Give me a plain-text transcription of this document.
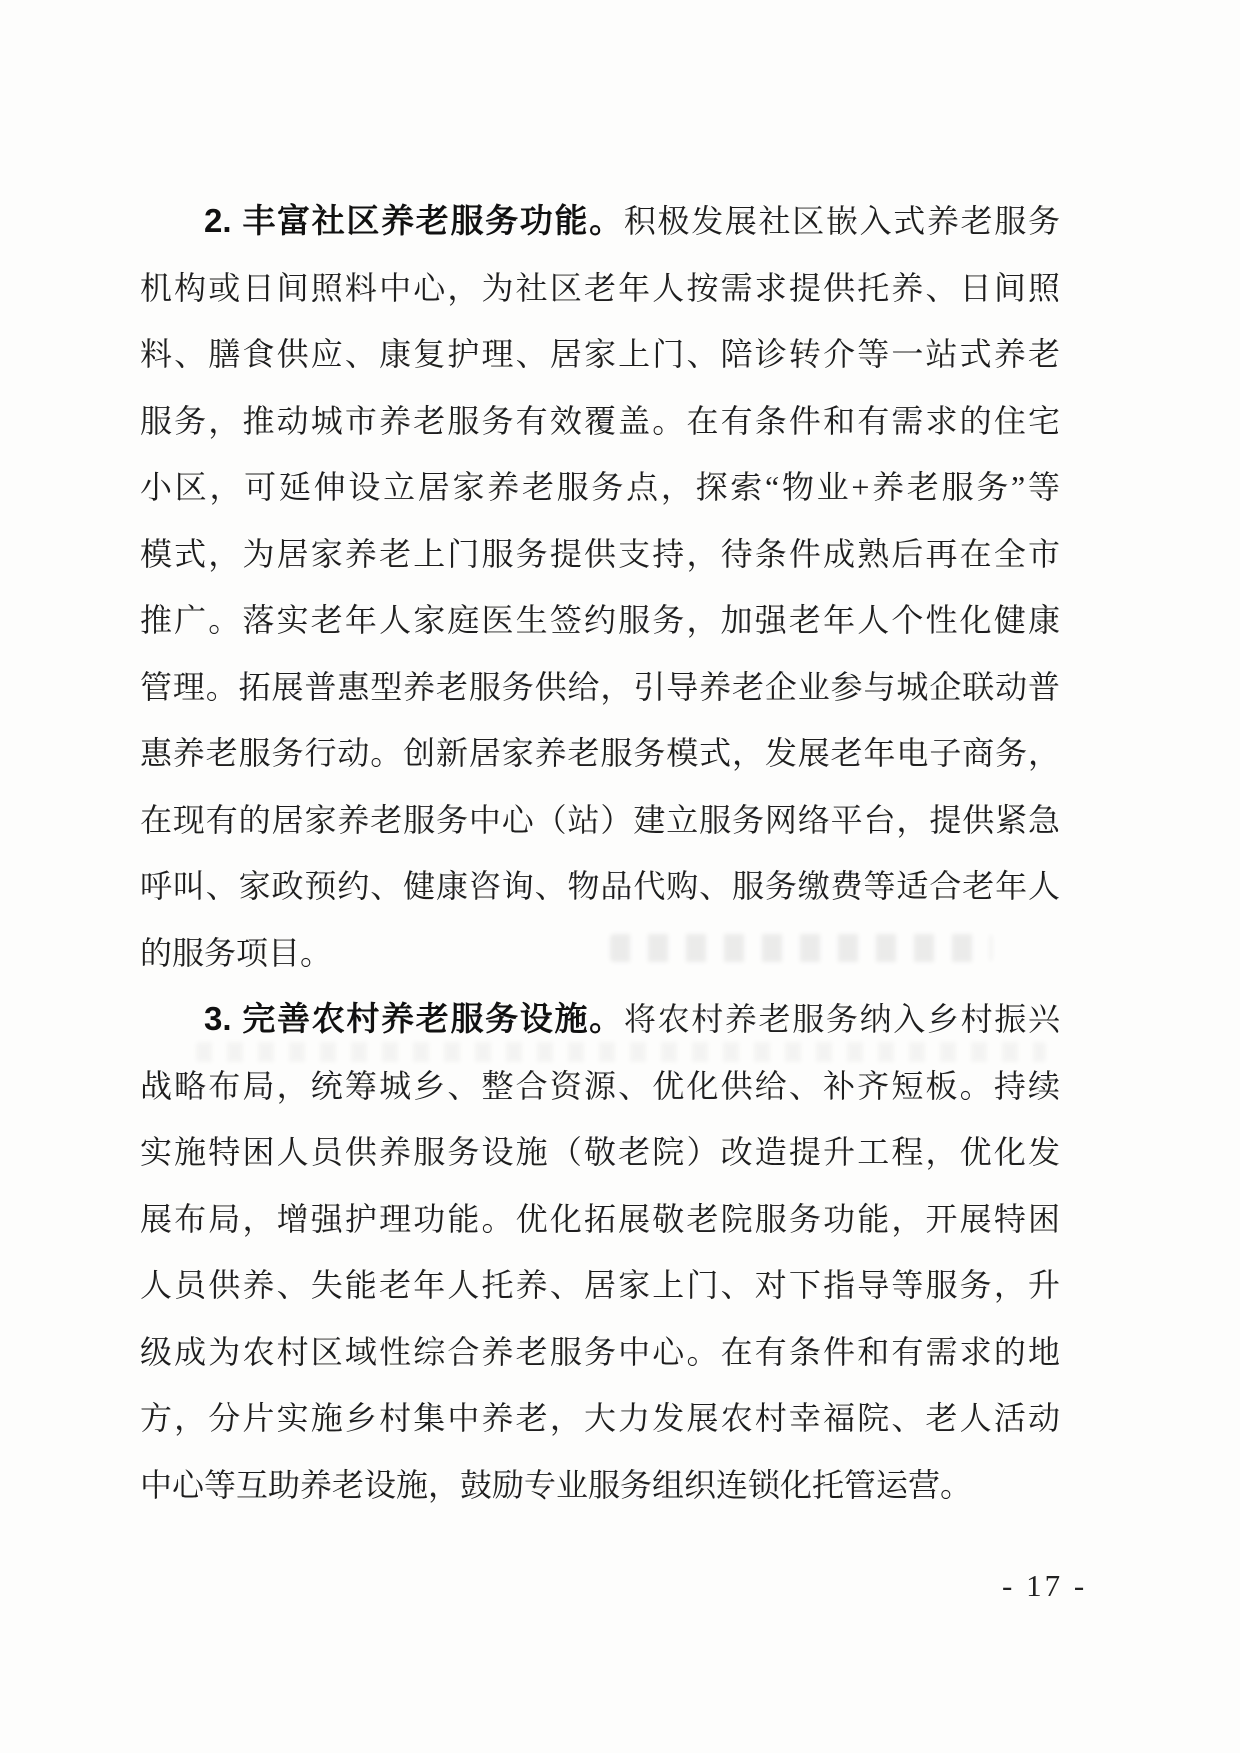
2. 丰富社区养老服务功能。积极发展社区嵌入式养老服务
机构或日间照料中心，为社区老年人按需求提供托养、日间照
料、膳食供应、康复护理、居家上门、陪诊转介等一站式养老
服务，推动城市养老服务有效覆盖。在有条件和有需求的住宅
小区，可延伸设立居家养老服务点，探索“物业+养老服务”等
模式，为居家养老上门服务提供支持，待条件成熟后再在全市
推广。落实老年人家庭医生签约服务，加强老年人个性化健康
管理。拓展普惠型养老服务供给，引导养老企业参与城企联动普
惠养老服务行动。创新居家养老服务模式，发展老年电子商务，
在现有的居家养老服务中心（站）建立服务网络平台，提供紧急
呼叫、家政预约、健康咨询、物品代购、服务缴费等适合老年人
的服务项目。
3. 完善农村养老服务设施。将农村养老服务纳入乡村振兴
战略布局，统筹城乡、整合资源、优化供给、补齐短板。持续
实施特困人员供养服务设施（敬老院）改造提升工程，优化发
展布局，增强护理功能。优化拓展敬老院服务功能，开展特困
人员供养、失能老年人托养、居家上门、对下指导等服务，升
级成为农村区域性综合养老服务中心。在有条件和有需求的地
方，分片实施乡村集中养老，大力发展农村幸福院、老人活动
中心等互助养老设施，鼓励专业服务组织连锁化托管运营。
- 17 -
